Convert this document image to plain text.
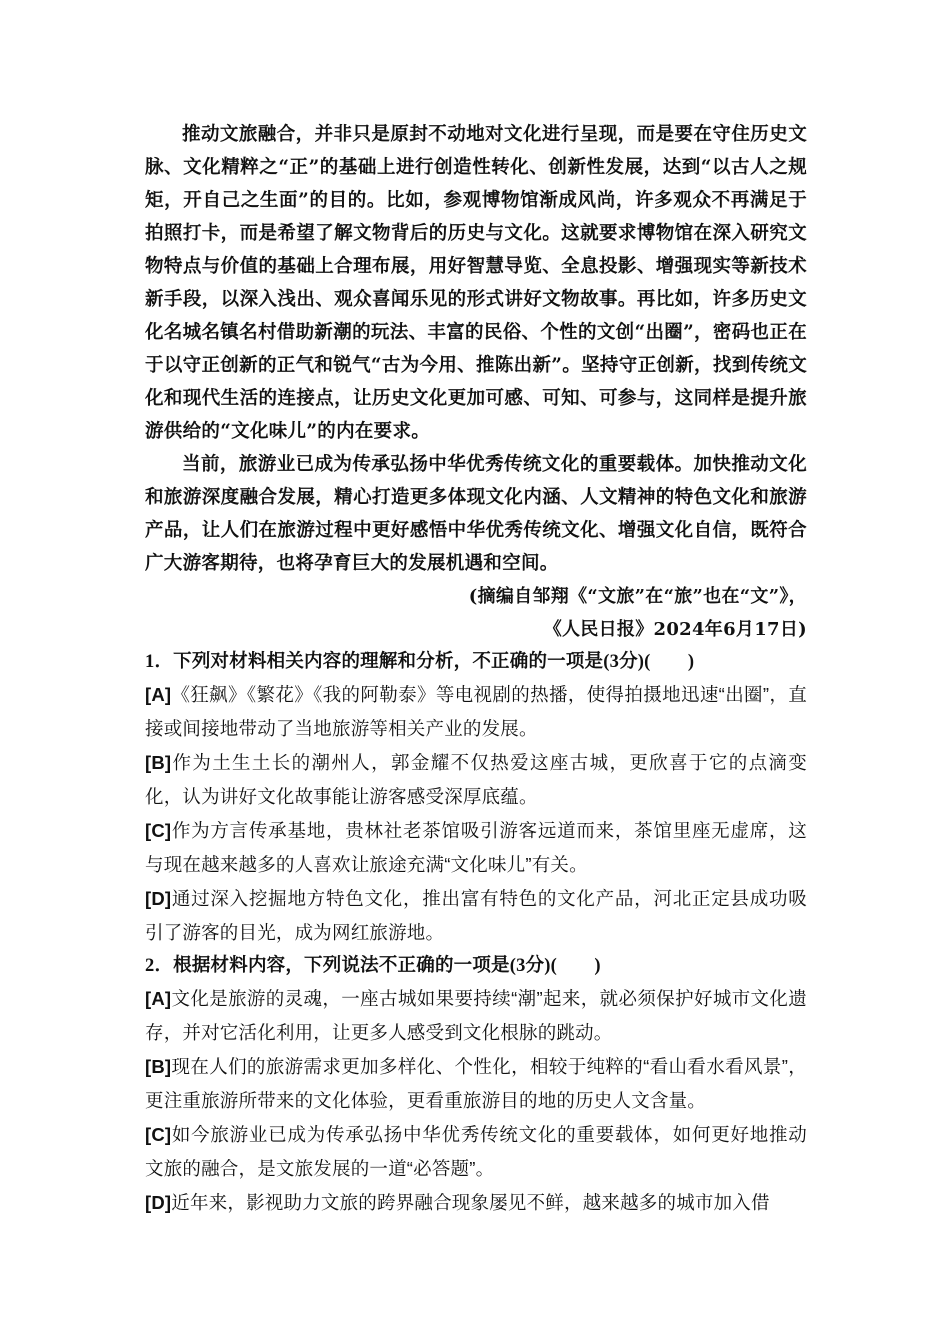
推动文旅融合，并非只是原封不动地对文化进行呈现，而是要在守住历史文脉、文化精粹之“正”的基础上进行创造性转化、创新性发展，达到“以古人之规矩，开自己之生面”的目的。比如，参观博物馆渐成风尚，许多观众不再满足于拍照打卡，而是希望了解文物背后的历史与文化。这就要求博物馆在深入研究文物特点与价值的基础上合理布展，用好智慧导览、全息投影、增强现实等新技术新手段，以深入浅出、观众喜闻乐见的形式讲好文物故事。再比如，许多历史文化名城名镇名村借助新潮的玩法、丰富的民俗、个性的文创“出圈”，密码也正在于以守正创新的正气和锐气“古为今用、推陈出新”。坚持守正创新，找到传统文化和现代生活的连接点，让历史文化更加可感、可知、可参与，这同样是提升旅游供给的“文化味儿”的内在要求。

当前，旅游业已成为传承弘扬中华优秀传统文化的重要载体。加快推动文化和旅游深度融合发展，精心打造更多体现文化内涵、人文精神的特色文化和旅游产品，让人们在旅游过程中更好感悟中华优秀传统文化、增强文化自信，既符合广大游客期待，也将孕育巨大的发展机遇和空间。

(摘编自邹翔《“文旅”在“旅”也在“文”》，

《人民日报》2024年6月17日)

1．下列对材料相关内容的理解和分析，不正确的一项是(3分)(　　)

[A]《狂飙》《繁花》《我的阿勒泰》等电视剧的热播，使得拍摄地迅速“出圈”，直接或间接地带动了当地旅游等相关产业的发展。

[B]作为土生土长的潮州人，郭金耀不仅热爱这座古城，更欣喜于它的点滴变化，认为讲好文化故事能让游客感受深厚底蕴。

[C]作为方言传承基地，贵林社老茶馆吸引游客远道而来，茶馆里座无虚席，这与现在越来越多的人喜欢让旅途充满“文化味儿”有关。

[D]通过深入挖掘地方特色文化，推出富有特色的文化产品，河北正定县成功吸引了游客的目光，成为网红旅游地。

2．根据材料内容，下列说法不正确的一项是(3分)(　　)

[A]文化是旅游的灵魂，一座古城如果要持续“潮”起来，就必须保护好城市文化遗存，并对它活化利用，让更多人感受到文化根脉的跳动。

[B]现在人们的旅游需求更加多样化、个性化，相较于纯粹的“看山看水看风景”，更注重旅游所带来的文化体验，更看重旅游目的地的历史人文含量。

[C]如今旅游业已成为传承弘扬中华优秀传统文化的重要载体，如何更好地推动文旅的融合，是文旅发展的一道“必答题”。

[D]近年来，影视助力文旅的跨界融合现象屡见不鲜，越来越多的城市加入借
